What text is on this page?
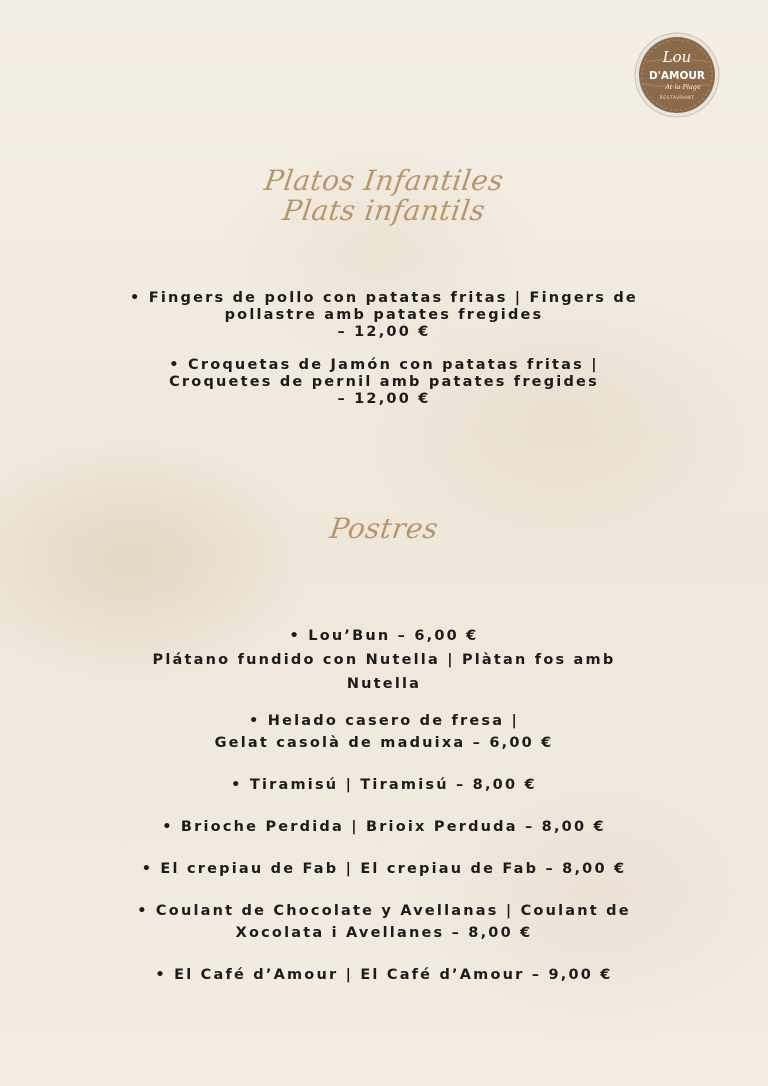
Lou
D'AMOUR
At la Plage
RESTAURANT
Platos Infantiles
Plats infantils
• Fingers de pollo con patatas fritas | Fingers de
pollastre amb patates fregides
– 12,00 €
• Croquetas de Jamón con patatas fritas |
Croquetes de pernil amb patates fregides
– 12,00 €
Postres
• Lou’Bun – 6,00 €
Plátano fundido con Nutella | Plàtan fos amb
Nutella
• Helado casero de fresa |
Gelat casolà de maduixa – 6,00 €
• Tiramisú | Tiramisú – 8,00 €
• Brioche Perdida | Brioix Perduda – 8,00 €
• El crepiau de Fab | El crepiau de Fab – 8,00 €
• Coulant de Chocolate y Avellanas | Coulant de
Xocolata i Avellanes – 8,00 €
• El Café d’Amour | El Café d’Amour – 9,00 €
